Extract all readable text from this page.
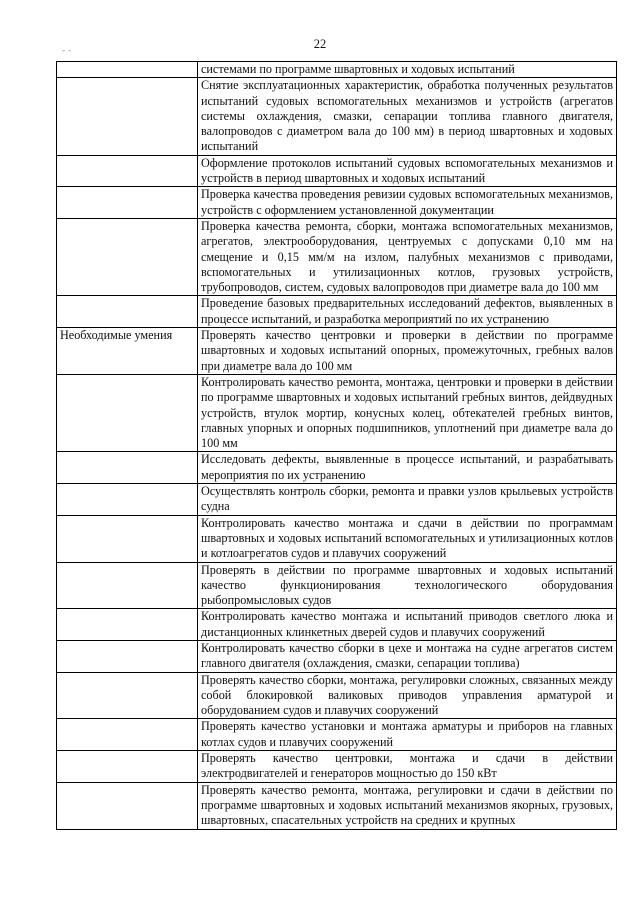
22
- -
	системами по программе швартовных и ходовых испытаний
	Снятие эксплуатационных характеристик, обработка полученных результатов испытаний судовых вспомогательных механизмов и устройств (агрегатов системы охлаждения, смазки, сепарации топлива главного двигателя, валопроводов с диаметром вала до 100 мм) в период швартовных и ходовых испытаний
	Оформление протоколов испытаний судовых вспомогательных механизмов и устройств в период швартовных и ходовых испытаний
	Проверка качества проведения ревизии судовых вспомогательных механизмов, устройств с оформлением установленной документации
	Проверка качества ремонта, сборки, монтажа вспомогательных механизмов, агрегатов, электрооборудования, центруемых с допусками 0,10 мм на смещение и 0,15 мм/м на излом, палубных механизмов с приводами, вспомогательных и утилизационных котлов, грузовых устройств, трубопроводов, систем, судовых валопроводов при диаметре вала до 100 мм
	Проведение базовых предварительных исследований дефектов, выявленных в процессе испытаний, и разработка мероприятий по их устранению
Необходимые умения	Проверять качество центровки и проверки в действии по программе швартовных и ходовых испытаний опорных, промежуточных, гребных валов при диаметре вала до 100 мм
	Контролировать качество ремонта, монтажа, центровки и проверки в действии по программе швартовных и ходовых испытаний гребных винтов, дейдвудных устройств, втулок мортир, конусных колец, обтекателей гребных винтов, главных упорных и опорных подшипников, уплотнений при диаметре вала до 100 мм
	Исследовать дефекты, выявленные в процессе испытаний, и разрабатывать мероприятия по их устранению
	Осуществлять контроль сборки, ремонта и правки узлов крыльевых устройств судна
	Контролировать качество монтажа и сдачи в действии по программам швартовных и ходовых испытаний вспомогательных и утилизационных котлов и котлоагрегатов судов и плавучих сооружений
	Проверять в действии по программе швартовных и ходовых испытаний качество функционирования технологического оборудования рыбопромысловых судов
	Контролировать качество монтажа и испытаний приводов светлого люка и дистанционных клинкетных дверей судов и плавучих сооружений
	Контролировать качество сборки в цехе и монтажа на судне агрегатов систем главного двигателя (охлаждения, смазки, сепарации топлива)
	Проверять качество сборки, монтажа, регулировки сложных, связанных между собой блокировкой валиковых приводов управления арматурой и оборудованием судов и плавучих сооружений
	Проверять качество установки и монтажа арматуры и приборов на главных котлах судов и плавучих сооружений
	Проверять качество центровки, монтажа и сдачи в действии электродвигателей и генераторов мощностью до 150 кВт
	Проверять качество ремонта, монтажа, регулировки и сдачи в действии по программе швартовных и ходовых испытаний механизмов якорных, грузовых, швартовных, спасательных устройств на средних и крупных
